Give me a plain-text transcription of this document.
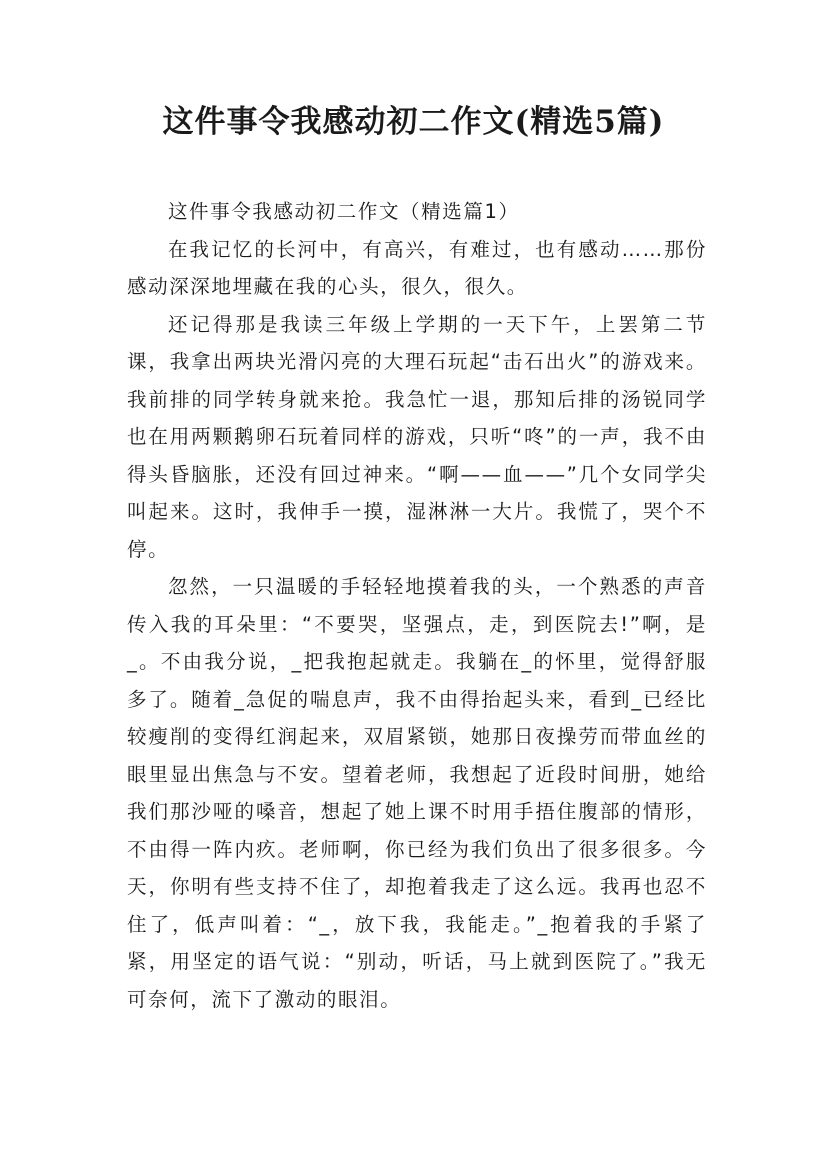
这件事令我感动初二作文(精选5篇)

这件事令我感动初二作文（精选篇1）

在我记忆的长河中，有高兴，有难过，也有感动……那份感动深深地埋藏在我的心头，很久，很久。

还记得那是我读三年级上学期的一天下午，上罢第二节课，我拿出两块光滑闪亮的大理石玩起“击石出火”的游戏来。我前排的同学转身就来抢。我急忙一退，那知后排的汤锐同学也在用两颗鹅卵石玩着同样的游戏，只听“咚”的一声，我不由得头昏脑胀，还没有回过神来。“啊——血——”几个女同学尖叫起来。这时，我伸手一摸，湿淋淋一大片。我慌了，哭个不停。

忽然，一只温暖的手轻轻地摸着我的头，一个熟悉的声音传入我的耳朵里：“不要哭，坚强点，走，到医院去!”啊，是_。不由我分说，_把我抱起就走。我躺在_的怀里，觉得舒服多了。随着_急促的喘息声，我不由得抬起头来，看到_已经比较瘦削的变得红润起来，双眉紧锁，她那日夜操劳而带血丝的眼里显出焦急与不安。望着老师，我想起了近段时间册，她给我们那沙哑的嗓音，想起了她上课不时用手捂住腹部的情形，不由得一阵内疚。老师啊，你已经为我们负出了很多很多。今天，你明有些支持不住了，却抱着我走了这么远。我再也忍不住了，低声叫着：“_，放下我，我能走。”_抱着我的手紧了紧，用坚定的语气说：“别动，听话，马上就到医院了。”我无可奈何，流下了激动的眼泪。
